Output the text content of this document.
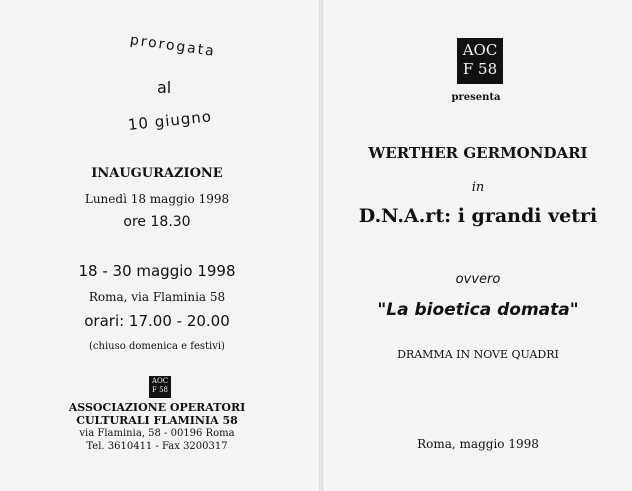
prorogata
al
10 giugno
INAUGURAZIONE
Lunedì 18 maggio 1998
ore 18.30
18 - 30 maggio 1998
Roma, via Flaminia 58
orari: 17.00 - 20.00
(chiuso domenica e festivi)
AOC
F 58
ASSOCIAZIONE OPERATORI
CULTURALI FLAMINIA 58
via Flaminia, 58 - 00196 Roma
Tel. 3610411 - Fax 3200317
AOC
F 58
presenta
WERTHER GERMONDARI
in
D.N.A.rt: i grandi vetri
ovvero
"La bioetica domata"
DRAMMA IN NOVE QUADRI
Roma, maggio 1998
